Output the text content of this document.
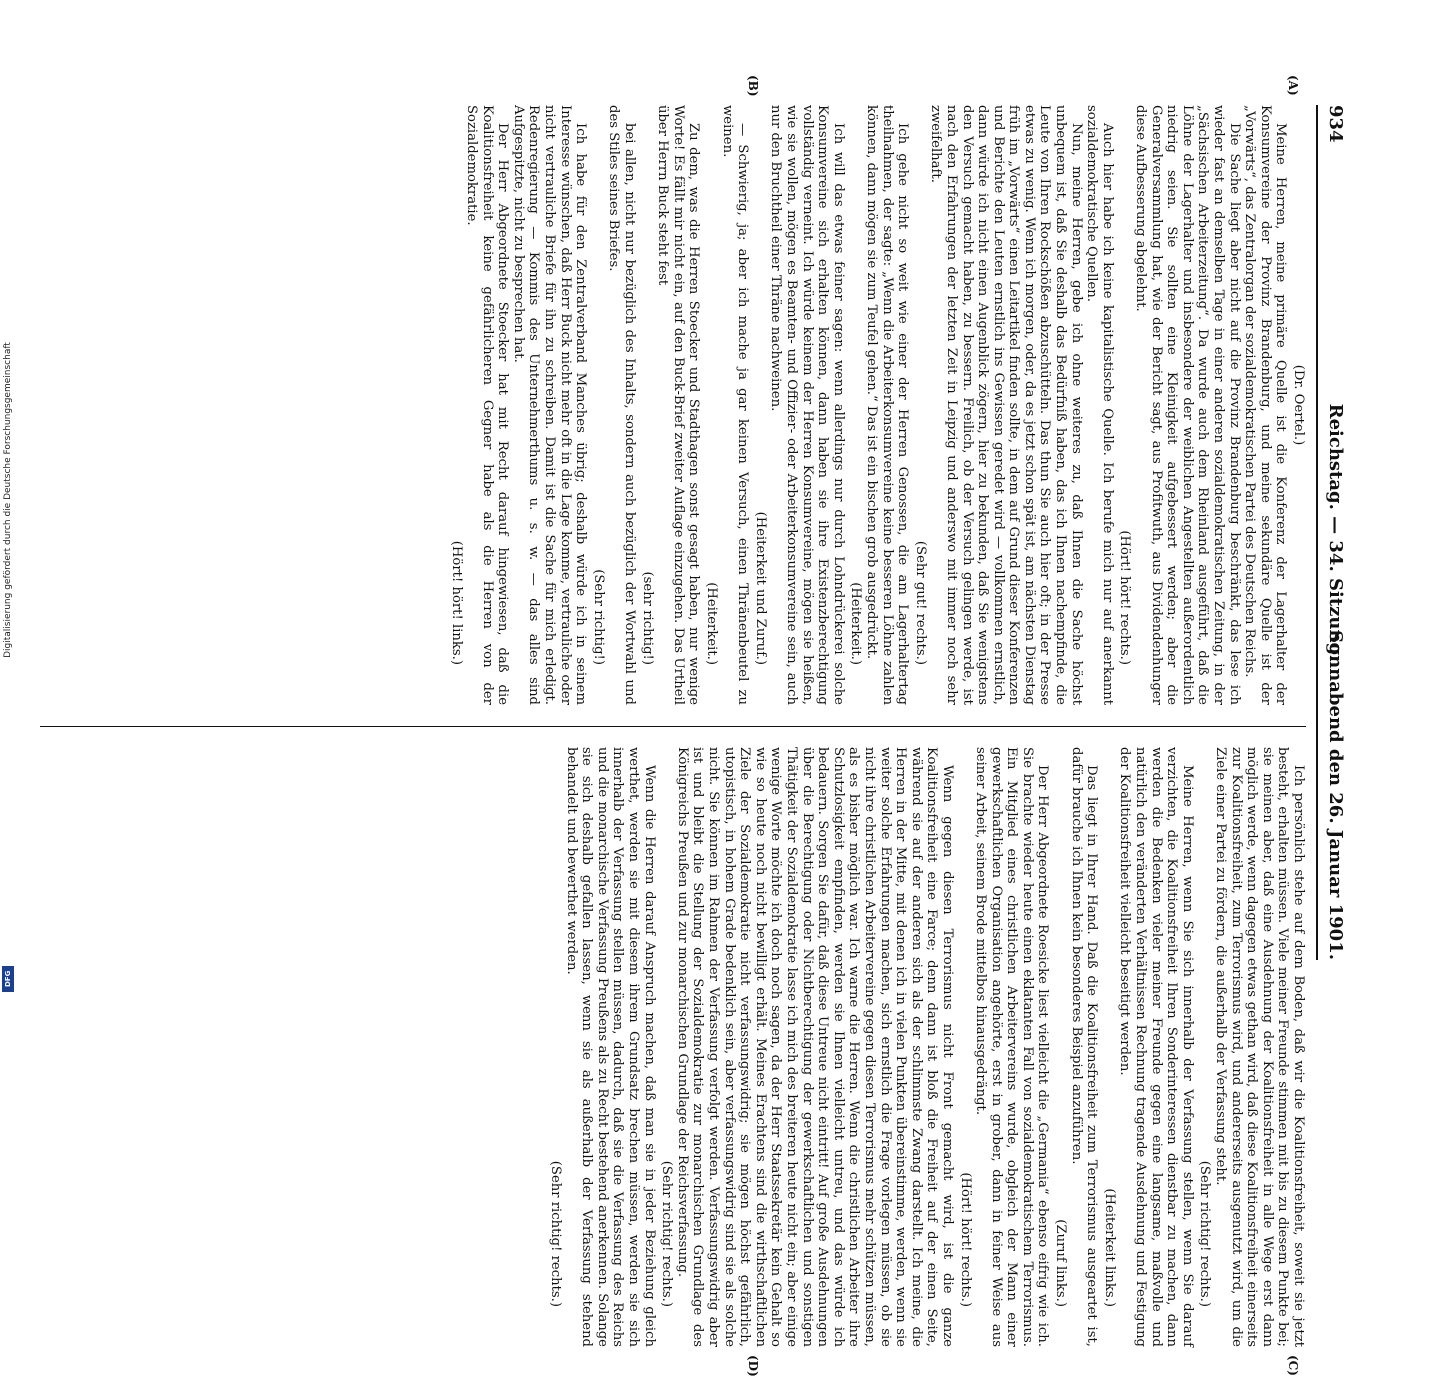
Digitalisierung gefördert durch die Deutsche Forschungsgemeinschaft
DFG
934
Reichstag. — 34. Sitzung.
Sonnabend den 26. Januar 1901.

(Dr. Oertel.)

Meine Herren, meine primäre Quelle ist die Konferenz der Lagerhalter der Konsumvereine der Provinz Brandenburg, und meine sekundäre Quelle ist der „Vorwärts“, das Zentralorgan der sozialdemokratischen Partei des Deutschen Reichs.

Die Sache liegt aber nicht auf die Provinz Brandenburg beschränkt, das lese ich wieder fast an demselben Tage in einer anderen sozialdemokratischen Zeitung, in der „Sächsischen Arbeiterzeitung“. Da wurde auch dem Rheinland ausgeführt, daß die Löhne der Lagerhalter und insbesondere der weiblichen Angestellten außerordentlich niedrig seien. Sie sollten eine Kleinigkeit aufgebessert werden; aber die Generalversammlung hat, wie der Bericht sagt, aus Profitwuth, aus Dividendenhunger diese Aufbesserung abgelehnt.

(Hört! hört! rechts.)

Auch hier habe ich keine kapitalistische Quelle. Ich berufe mich nur auf anerkannt sozialdemokratische Quellen.

Nun, meine Herren, gebe ich ohne weiteres zu, daß Ihnen die Sache höchst unbequem ist, daß Sie deshalb das Bedürfniß haben, das ich Ihnen nachempfinde, die Leute von Ihren Rockschößen abzuschütteln. Das thun Sie auch hier oft; in der Presse etwas zu wenig. Wenn ich morgen, oder, da es jetzt schon spät ist, am nächsten Dienstag früh im „Vorwärts“ einen Leitartikel finden sollte, in dem auf Grund dieser Konferenzen und Berichte den Leuten ernstlich ins Gewissen geredet wird — vollkommen ernstlich, dann würde ich nicht einen Augenblick zögern, hier zu bekunden, daß Sie wenigstens den Versuch gemacht haben, zu bessern. Freilich, ob der Versuch gelingen werde, ist nach den Erfahrungen der letzten Zeit in Leipzig und anderswo mit immer noch sehr zweifelhaft.

(Sehr gut! rechts.)

Ich gehe nicht so weit wie einer der Herren Genossen, die am Lagerhaltertag theilnahmen, der sagte: „Wenn die Arbeiterkonsumvereine keine besseren Löhne zahlen können, dann mögen sie zum Teufel gehen.“ Das ist ein bischen grob ausgedrückt.

(Heiterkeit.)

Ich will das etwas feiner sagen: wenn allerdings nur durch Lohndrückerei solche Konsumvereine sich erhalten können, dann haben sie ihre Existenzberechtigung vollständig verneint. Ich würde keinem der Herren Konsumvereine, mögen sie heißen, wie sie wollen, mögen es Beamten- und Offizier- oder Arbeiterkonsumvereine sein, auch nur den Bruchtheil einer Thräne nachweinen.

(Heiterkeit und Zuruf.)

— Schwierig, ja; aber ich mache ja gar keinen Versuch, einen Thränenbeutel zu weinen.

(Heiterkeit.)

Zu dem, was die Herren Stoecker und Stadthagen sonst gesagt haben, nur wenige Worte! Es fällt mir nicht ein, auf den Buck-Brief zweiter Auflage einzugehen. Das Urtheil über Herrn Buck steht fest

(sehr richtig!)

bei allen, nicht nur bezüglich des Inhalts, sondern auch bezüglich der Wortwahl und des Stiles seines Briefes.

(Sehr richtig!)

Ich habe für den Zentralverband Manches übrig; deshalb würde ich in seinem Interesse wünschen, daß Herr Buck nicht mehr oft in die Lage komme, vertrauliche oder nicht vertrauliche Briefe für ihn zu schreiben. Damit ist die Sache für mich erledigt. Redenregierung — Kommis des Unternehmerthums u. s. w. — das alles sind Aufgespitzte, nicht zu besprechen hat.

Der Herr Abgeordnete Stoecker hat mit Recht darauf hingewiesen, daß die Koalitionsfreiheit keine gefährlicheren Gegner habe als die Herren von der Sozialdemokratie.

(Hört! hört! links.)

Ich persönlich stehe auf dem Boden, daß wir die Koalitionsfreiheit, soweit sie jetzt besteht, erhalten müssen. Viele meiner Freunde stimmen mit bis zu diesem Punkte bei; sie meinen aber, daß eine Ausdehnung der Koalitionsfreiheit in alle Wege erst dann möglich werde, wenn dagegen etwas gethan wird, daß diese Koalitionsfreiheit einerseits zur Koalitionsfreiheit, zum Terrorismus wird, und andererseits ausgenutzt wird, um die Ziele einer Partei zu fördern, die außerhalb der Verfassung steht.

(Sehr richtig! rechts.)

Meine Herren, wenn Sie sich innerhalb der Verfassung stellen, wenn Sie darauf verzichten, die Koalitionsfreiheit Ihren Sonderinteressen dienstbar zu machen, dann werden die Bedenken vieler meiner Freunde gegen eine langsame, maßvolle und natürlich den veränderten Verhältnissen Rechnung tragende Ausdehnung und Festigung der Koalitionsfreiheit vielleicht beseitigt werden.

(Heiterkeit links.)

Das liegt in Ihrer Hand. Daß die Koalitionsfreiheit zum Terrorismus ausgeartet ist, dafür brauche ich Ihnen kein besonderes Beispiel anzuführen.

(Zuruf links.)

Der Herr Abgeordnete Roesicke liest vielleicht die „Germania“ ebenso eifrig wie ich. Sie brachte wieder heute einen eklatanten Fall von sozialdemokratischem Terrorismus. Ein Mitglied eines christlichen Arbeitervereins wurde, obgleich der Mann einer gewerkschaftlichen Organisation angehörte, erst in grober, dann in feiner Weise aus seiner Arbeit, seinem Brode mittelbos hinausgedrängt.

(Hört! hört! rechts.)

Wenn gegen diesen Terrorismus nicht Front gemacht wird, ist die ganze Koalitionsfreiheit eine Farce; denn dann ist bloß die Freiheit auf der einen Seite, während sie auf der anderen sich als der schlimmste Zwang darstellt. Ich meine, die Herren in der Mitte, mit denen ich in vielen Punkten übereinstimme, werden, wenn sie weiter solche Erfahrungen machen, sich ernstlich die Frage vorlegen müssen, ob sie nicht ihre christlichen Arbeitervereine gegen diesen Terrorismus mehr schützen müssen, als es bisher möglich war. Ich warne die Herren. Wenn die christlichen Arbeiter ihre Schutzlosigkeit empfinden, werden sie Ihnen vielleicht untreu, und das würde ich bedauern. Sorgen Sie dafür, daß diese Untreue nicht eintritt! Auf große Ausdehnungen über die Berechtigung oder Nichtberechtigung der gewerkschaftlichen und sonstigen Thätigkeit der Sozialdemokratie lasse ich mich des breiteren heute nicht ein; aber einige wenige Worte möchte ich doch noch sagen, da der Herr Staatssekretär kein Gehalt so wie so heute noch nicht bewilligt erhält. Meines Erachtens sind die wirthschaftlichen Ziele der Sozialdemokratie nicht verfassungswidrig; sie mögen höchst gefährlich, utopistisch, in hohem Grade bedenklich sein, aber verfassungswidrig sind sie als solche nicht. Sie können im Rahmen der Verfassung verfolgt werden. Verfassungswidrig aber ist und bleibt die Stellung der Sozialdemokratie zur monarchischen Grundlage des Königreichs Preußen und zur monarchischen Grundlage der Reichsverfassung.

(Sehr richtig! rechts.)

Wenn die Herren darauf Anspruch machen, daß man sie in jeder Beziehung gleich werthet, werden sie mit diesem ihrem Grundsatz brechen müssen, werden sie sich innerhalb der Verfassung stellen müssen, dadurch, daß sie die Verfassung des Reichs und die monarchische Verfassung Preußens als zu Recht bestehend anerkennen. Solange sie sich deshalb gefallen lassen, wenn sie als außerhalb der Verfassung stehend behandelt und bewerthet werden.

(Sehr richtig! rechts.)

(A)
(B)
(C)
(D)
